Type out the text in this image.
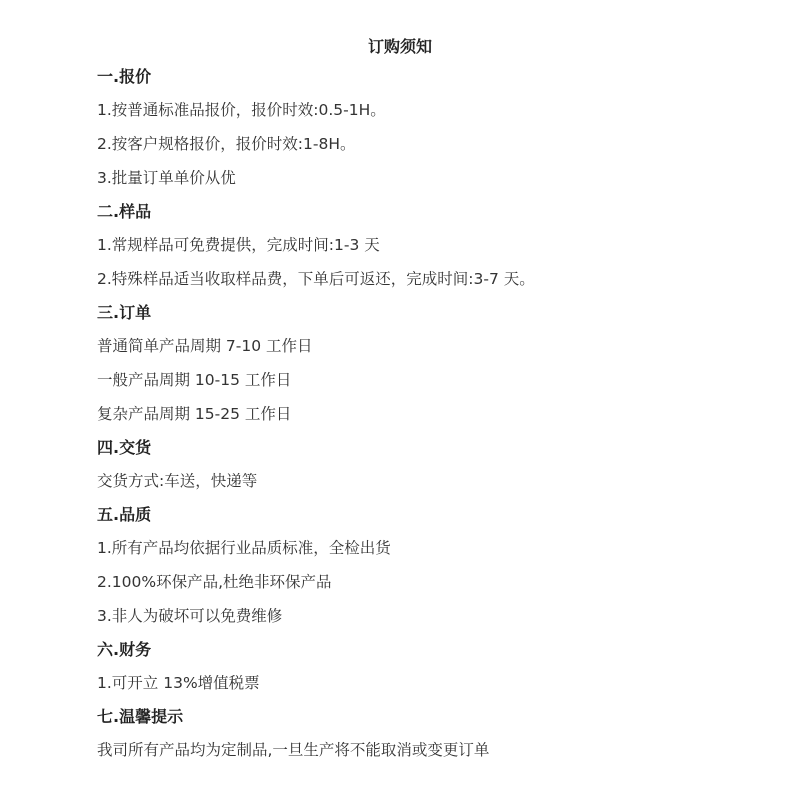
订购须知
一.报价
1.按普通标准品报价，报价时效:0.5-1H。
2.按客户规格报价，报价时效:1-8H。
3.批量订单单价从优
二.样品
1.常规样品可免费提供，完成时间:1-3 天
2.特殊样品适当收取样品费，下单后可返还，完成时间:3-7 天。
三.订单
普通简单产品周期 7-10 工作日
一般产品周期 10-15 工作日
复杂产品周期 15-25 工作日
四.交货
交货方式:车送，快递等
五.品质
1.所有产品均依据行业品质标准，全检出货
2.100%环保产品,杜绝非环保产品
3.非人为破坏可以免费维修
六.财务
1.可开立 13%增值税票
七.温馨提示
我司所有产品均为定制品,一旦生产将不能取消或变更订单
